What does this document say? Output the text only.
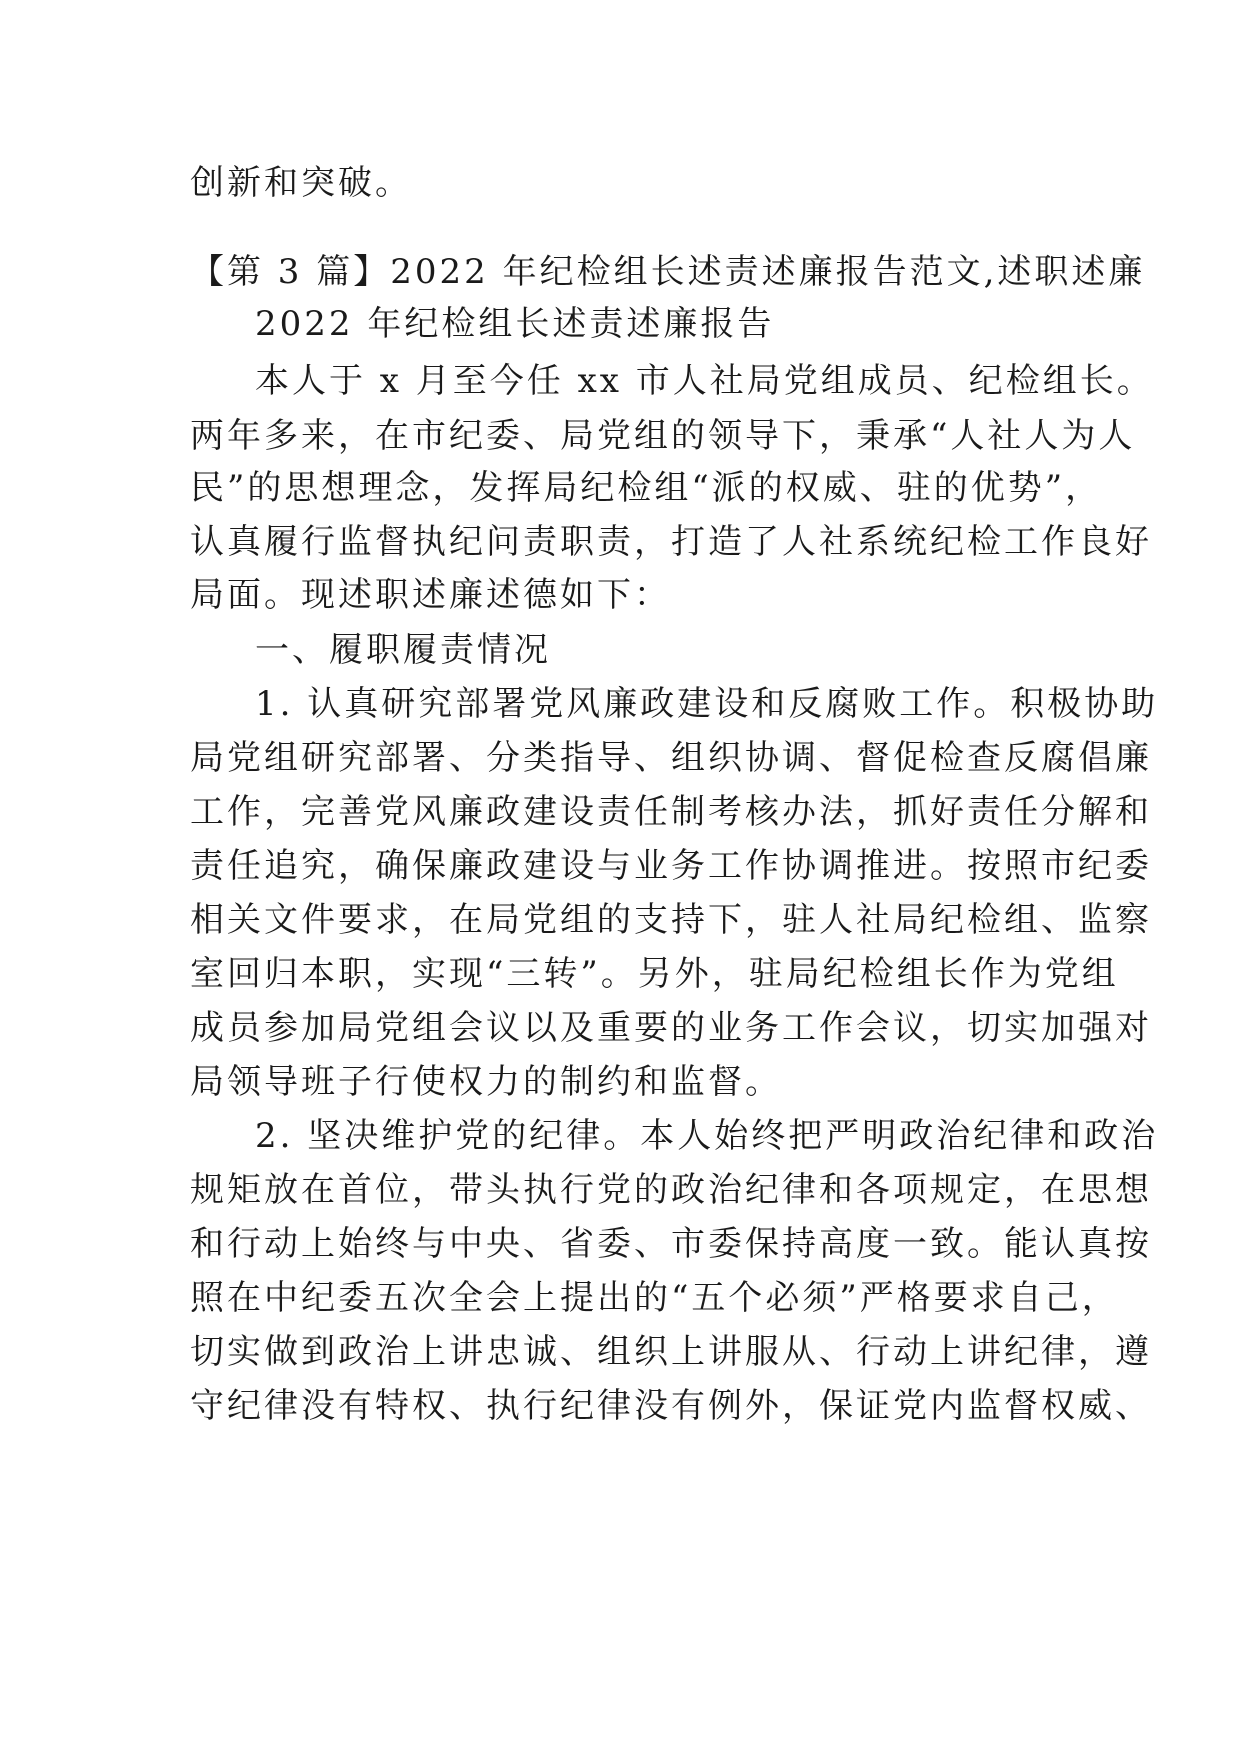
创新和突破。
【第 3 篇】2022 年纪检组长述责述廉报告范文,述职述廉
2022 年纪检组长述责述廉报告
本人于 x 月至今任 xx 市人社局党组成员、纪检组长。
两年多来，在市纪委、局党组的领导下，秉承“人社人为人
民”的思想理念，发挥局纪检组“派的权威、驻的优势”，
认真履行监督执纪问责职责，打造了人社系统纪检工作良好
局面。现述职述廉述德如下：
一、履职履责情况
1. 认真研究部署党风廉政建设和反腐败工作。积极协助
局党组研究部署、分类指导、组织协调、督促检查反腐倡廉
工作，完善党风廉政建设责任制考核办法，抓好责任分解和
责任追究，确保廉政建设与业务工作协调推进。按照市纪委
相关文件要求，在局党组的支持下，驻人社局纪检组、监察
室回归本职，实现“三转”。另外，驻局纪检组长作为党组
成员参加局党组会议以及重要的业务工作会议，切实加强对
局领导班子行使权力的制约和监督。
2. 坚决维护党的纪律。本人始终把严明政治纪律和政治
规矩放在首位，带头执行党的政治纪律和各项规定，在思想
和行动上始终与中央、省委、市委保持高度一致。能认真按
照在中纪委五次全会上提出的“五个必须”严格要求自己，
切实做到政治上讲忠诚、组织上讲服从、行动上讲纪律，遵
守纪律没有特权、执行纪律没有例外，保证党内监督权威、
